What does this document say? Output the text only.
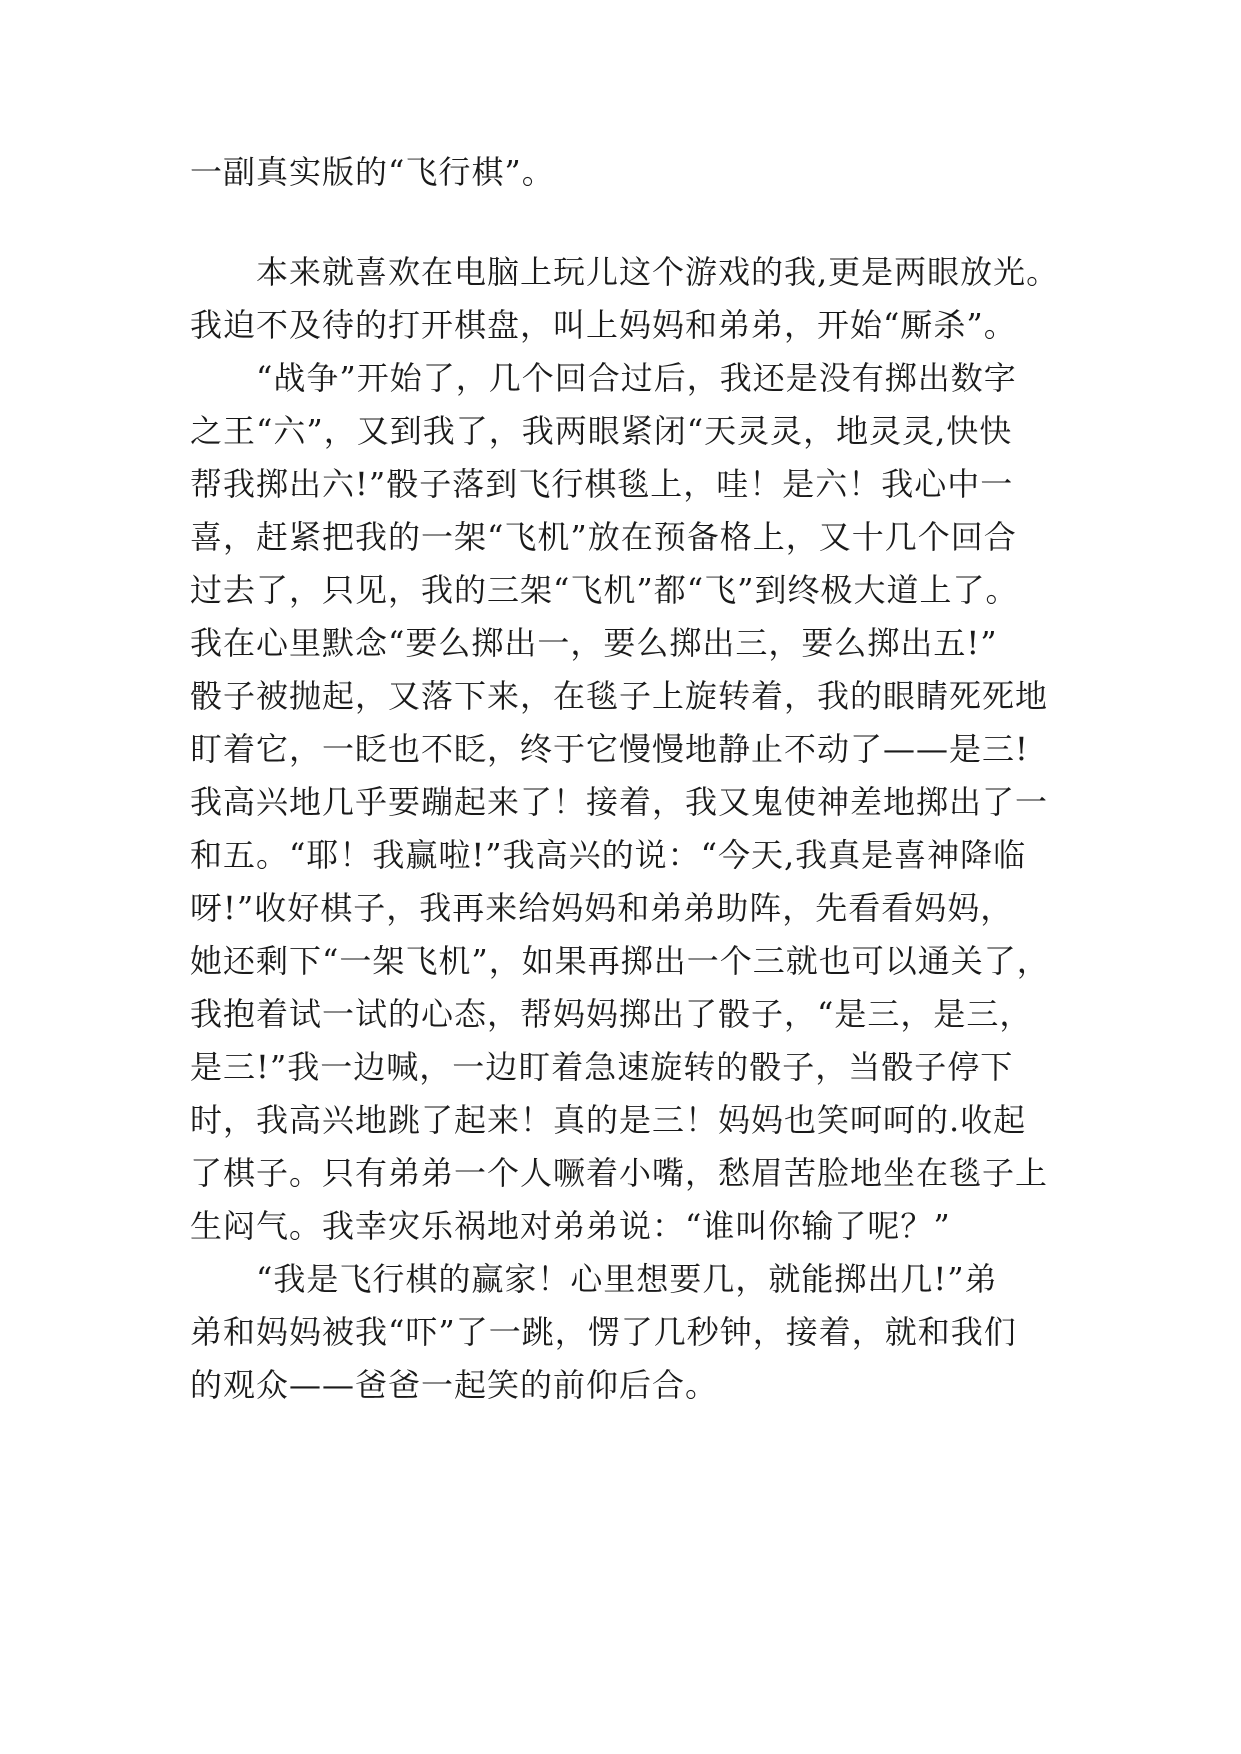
一副真实版的“飞行棋”。
本来就喜欢在电脑上玩儿这个游戏的我,更是两眼放光。
我迫不及待的打开棋盘，叫上妈妈和弟弟，开始“厮杀”。
“战争”开始了，几个回合过后，我还是没有掷出数字
之王“六”，又到我了，我两眼紧闭“天灵灵，地灵灵,快快
帮我掷出六!”骰子落到飞行棋毯上，哇！是六！我心中一
喜，赶紧把我的一架“飞机”放在预备格上，又十几个回合
过去了，只见，我的三架“飞机”都“飞”到终极大道上了。
我在心里默念“要么掷出一，要么掷出三，要么掷出五!”
骰子被抛起，又落下来，在毯子上旋转着，我的眼睛死死地
盯着它，一眨也不眨，终于它慢慢地静止不动了——是三!
我高兴地几乎要蹦起来了！接着，我又鬼使神差地掷出了一
和五。“耶！我赢啦!”我高兴的说：“今天,我真是喜神降临
呀!”收好棋子，我再来给妈妈和弟弟助阵，先看看妈妈，
她还剩下“一架飞机”，如果再掷出一个三就也可以通关了，
我抱着试一试的心态，帮妈妈掷出了骰子，“是三，是三，
是三!”我一边喊，一边盯着急速旋转的骰子，当骰子停下
时，我高兴地跳了起来！真的是三！妈妈也笑呵呵的.收起
了棋子。只有弟弟一个人噘着小嘴，愁眉苦脸地坐在毯子上
生闷气。我幸灾乐祸地对弟弟说：“谁叫你输了呢？”
“我是飞行棋的赢家！心里想要几，就能掷出几!”弟
弟和妈妈被我“吓”了一跳，愣了几秒钟，接着，就和我们
的观众——爸爸一起笑的前仰后合。
